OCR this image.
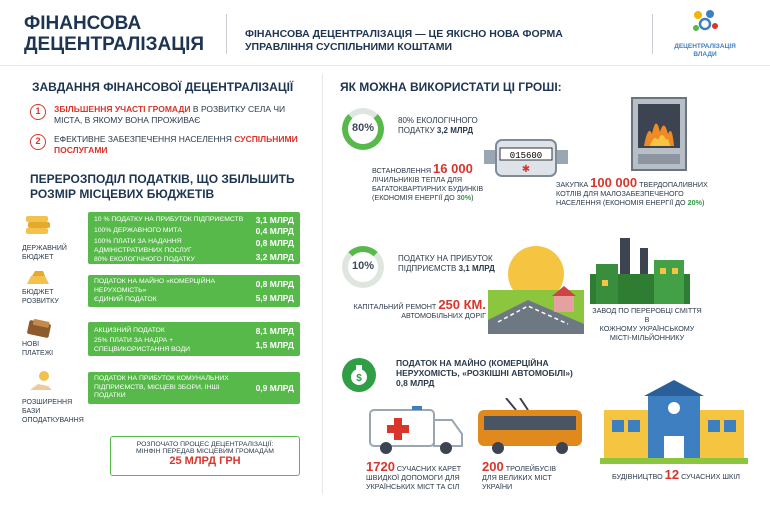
ФІНАНСОВА
ДЕЦЕНТРАЛІЗАЦІЯ	ФІНАНСОВА ДЕЦЕНТРАЛІЗАЦІЯ — ЦЕ ЯКІСНО НОВА ФОРМА
УПРАВЛІННЯ СУСПІЛЬНИМИ КОШТАМИ	ДЕЦЕНТРАЛІЗАЦІЯ
ВЛАДИ
ЗАВДАННЯ ФІНАНСОВОЇ ДЕЦЕНТРАЛІЗАЦІЇ
1	ЗБІЛЬШЕННЯ УЧАСТІ ГРОМАДИ В РОЗВИТКУ СЕЛА ЧИ
МІСТА, В ЯКОМУ ВОНА ПРОЖИВАЄ
2	ЕФЕКТИВНЕ ЗАБЕЗПЕЧЕННЯ НАСЕЛЕННЯ СУСПІЛЬНИМИ
ПОСЛУГАМИ
ПЕРЕРОЗПОДІЛ ПОДАТКІВ, ЩО ЗБІЛЬШИТЬ
РОЗМІР МІСЦЕВИХ БЮДЖЕТІВ
ДЕРЖАВНИЙ
БЮДЖЕТ
10 % ПОДАТКУ НА ПРИБУТОК ПІДПРИЄМСТВ 3,1 МЛРД
100% ДЕРЖАВНОГО МИТА	0,4 МЛРД
100% ПЛАТИ ЗА НАДАННЯ
АДМІНІСТРАТИВНИХ ПОСЛУГ
0,8 МЛРД
80% ЕКОЛОГІЧНОГО ПОДАТКУ	3,2 МЛРД
БЮДЖЕТ
РОЗВИТКУ
ПОДАТОК НА МАЙНО «КОМЕРЦІЙНА
НЕРУХОМІСТЬ»
0,8 МЛРД
ЄДИНИЙ ПОДАТОК	5,9 МЛРД
НОВІ
ПЛАТЕЖІ
АКЦИЗНИЙ ПОДАТОК	8,1 МЛРД
25% ПЛАТИ ЗА НАДРА +
СПЕЦВИКОРИСТАННЯ ВОДИ	1,5 МЛРД
РОЗШИРЕННЯ
БАЗИ
ОПОДАТКУВАННЯ
ПОДАТОК НА ПРИБУТОК КОМУНАЛЬНИХ
ПІДПРИЄМСТВ, МІСЦЕВІ ЗБОРИ, ІНШІ
ПОДАТКИ
0,9 МЛРД
РОЗПОЧАТО ПРОЦЕС ДЕЦЕНТРАЛІЗАЦІЇ:
МІНФІН ПЕРЕДАВ МІСЦЕВИМ ГРОМАДАМ
25 МЛРД ГРН
ЯК МОЖНА ВИКОРИСТАТИ ЦІ ГРОШІ:
80%
80% ЕКОЛОГІЧНОГО
ПОДАТКУ 3,2 МЛРД
015600
✱
ВСТАНОВЛЕННЯ 16 000
ЛІЧИЛЬНИКІВ ТЕПЛА ДЛЯ
БАГАТОКВАРТИРНИХ БУДИНКІВ
(ЕКОНОМІЯ ЕНЕРГІЇ ДО 30%)
ЗАКУПКА 100 000 ТВЕРДОПАЛИВНИХ
КОТЛІВ ДЛЯ МАЛОЗАБЕЗПЕЧЕНОГО
НАСЕЛЕННЯ (ЕКОНОМІЯ ЕНЕРГІЇ ДО 20%)
10%
ПОДАТКУ НА ПРИБУТОК
ПІДПРИЄМСТВ 3,1 МЛРД
КАПІТАЛЬНИЙ РЕМОНТ 250 КМ.
АВТОМОБІЛЬНИХ ДОРІГ
ЗАВОД ПО ПЕРЕРОБЦІ СМІТТЯ В
КОЖНОМУ УКРАЇНСЬКОМУ
МІСТІ-МІЛЬЙОННИКУ
$
ПОДАТОК НА МАЙНО (КОМЕРЦІЙНА
НЕРУХОМІСТЬ, «РОЗКІШНІ АВТОМОБІЛІ»)
0,8 МЛРД
1720 СУЧАСНИХ КАРЕТ
ШВИДКОЇ ДОПОМОГИ ДЛЯ
УКРАЇНСЬКИХ МІСТ ТА СІЛ
200 ТРОЛЕЙБУСІВ
ДЛЯ ВЕЛИКИХ МІСТ
УКРАЇНИ
БУДІВНИЦТВО 12 СУЧАСНИХ ШКІЛ
